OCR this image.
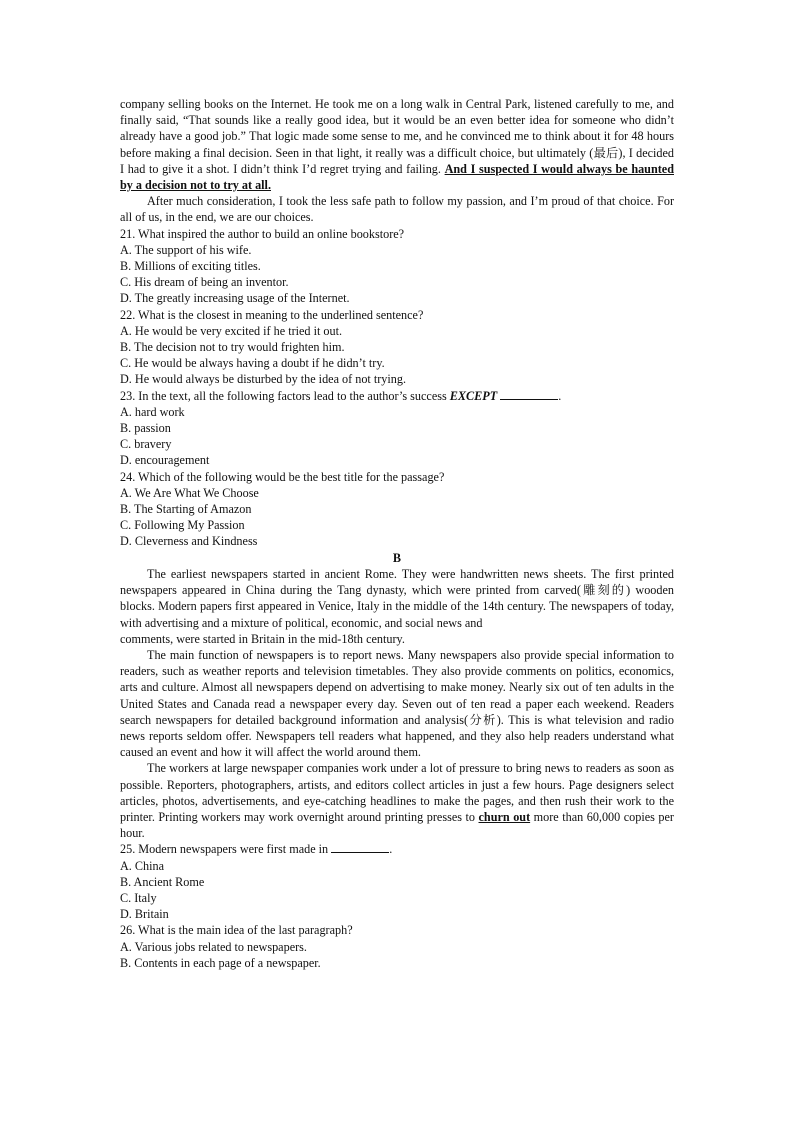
company selling books on the Internet. He took me on a long walk in Central Park, listened carefully to me, and finally said, “That sounds like a really good idea, but it would be an even better idea for someone who didn’t already have a good job.” That logic made some sense to me, and he convinced me to think about it for 48 hours before making a final decision. Seen in that light, it really was a difficult choice, but ultimately (最后), I decided I had to give it a shot. I didn’t think I’d regret trying and failing. And I suspected I would always be haunted by a decision not to try at all.

After much consideration, I took the less safe path to follow my passion, and I’m proud of that choice. For all of us, in the end, we are our choices.

21. What inspired the author to build an online bookstore?

A. The support of his wife.

B. Millions of exciting titles.

C. His dream of being an inventor.

D. The greatly increasing usage of the Internet.

22. What is the closest in meaning to the underlined sentence?

A. He would be very excited if he tried it out.

B. The decision not to try would frighten him.

C. He would be always having a doubt if he didn’t try.

D. He would always be disturbed by the idea of not trying.

23. In the text, all the following factors lead to the author’s success EXCEPT	.

A. hard work

B. passion

C. bravery

D. encouragement

24. Which of the following would be the best title for the passage?

A. We Are What We Choose

B. The Starting of Amazon

C. Following My Passion

D. Cleverness and Kindness

B

The earliest newspapers started in ancient Rome. They were handwritten news sheets. The first printed newspapers appeared in China during the Tang dynasty, which were printed from carved(雕刻的) wooden blocks. Modern papers first appeared in Venice, Italy in the middle of the 14th century. The newspapers of today, with advertising and a mixture of political, economic, and social news and

comments, were started in Britain in the mid-18th century.

The main function of newspapers is to report news. Many newspapers also provide special information to readers, such as weather reports and television timetables. They also provide comments on politics, economics, arts and culture. Almost all newspapers depend on advertising to make money. Nearly six out of ten adults in the United States and Canada read a newspaper every day. Seven out of ten read a paper each weekend. Readers search newspapers for detailed background information and analysis(分析). This is what television and radio news reports seldom offer. Newspapers tell readers what happened, and they also help readers understand what caused an event and how it will affect the world around them.

The workers at large newspaper companies work under a lot of pressure to bring news to readers as soon as possible. Reporters, photographers, artists, and editors collect articles in just a few hours. Page designers select articles, photos, advertisements, and eye-catching headlines to make the pages, and then rush their work to the printer. Printing workers may work overnight around printing presses to churn out more than 60,000 copies per hour.

25. Modern newspapers were first made in	.

A. China

B. Ancient Rome

C. Italy

D. Britain

26. What is the main idea of the last paragraph?

A. Various jobs related to newspapers.

B. Contents in each page of a newspaper.
